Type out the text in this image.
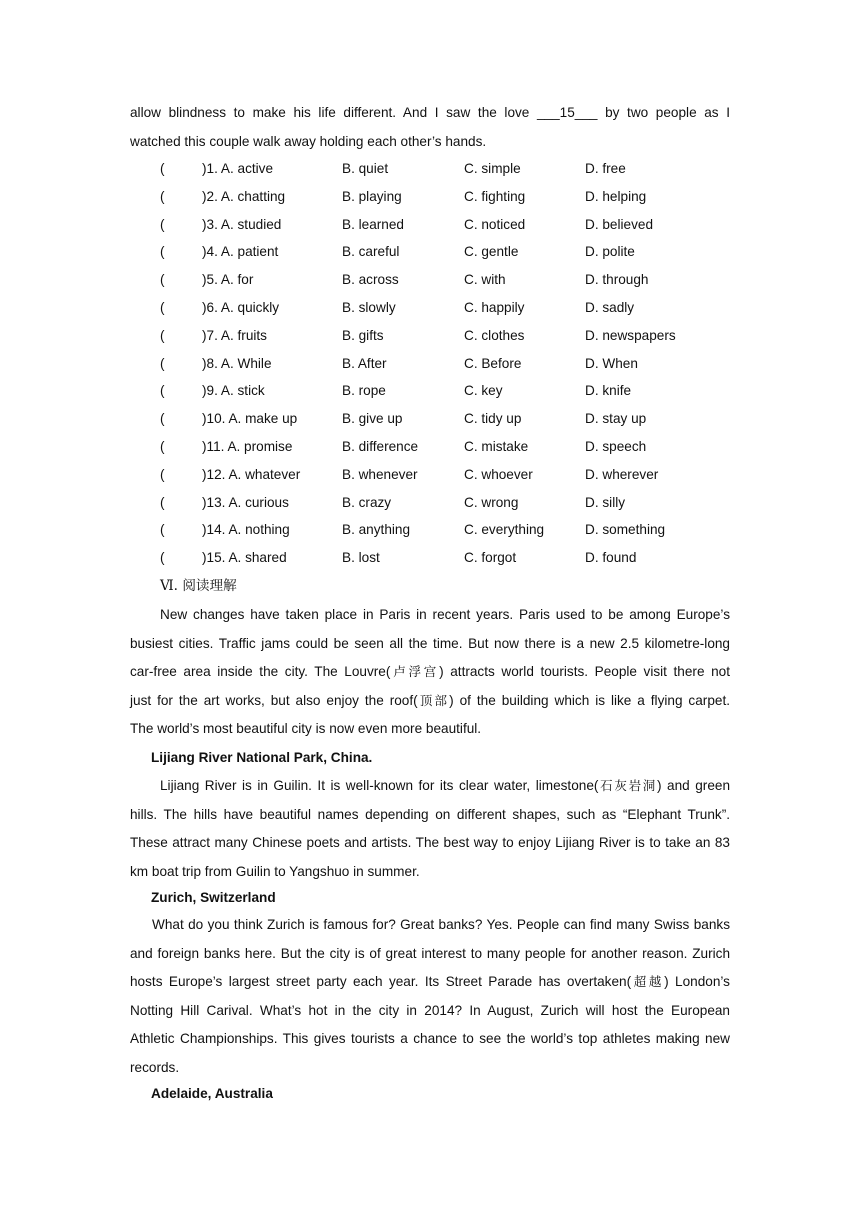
allow blindness to make his life different. And I saw the love ___15___ by two people as I
watched this couple walk away holding each other’s hands.
(	)1. A. active	B. quiet	C. simple	D. free
(	)2. A. chatting	B. playing	C. fighting	D. helping
(	)3. A. studied	B. learned	C. noticed	D. believed
(	)4. A. patient	B. careful	C. gentle	D. polite
(	)5. A. for	B. across	C. with	D. through
(	)6. A. quickly	B. slowly	C. happily	D. sadly
(	)7. A. fruits	B. gifts	C. clothes	D. newspapers
(	)8. A. While	B. After	C. Before	D. When
(	)9. A. stick	B. rope	C. key	D. knife
(	)10. A. make up	B. give up	C. tidy up	D. stay up
(	)11. A. promise	B. difference	C. mistake	D. speech
(	)12. A. whatever	B. whenever	C. whoever	D. wherever
(	)13. A. curious	B. crazy	C. wrong	D. silly
(	)14. A. nothing	B. anything	C. everything	D. something
(	)15. A. shared	B. lost	C. forgot	D. found
Ⅵ. 阅读理解
New changes have taken place in Paris in recent years. Paris used to be among Europe’s
busiest cities. Traffic jams could be seen all the time. But now there is a new 2.5 kilometre-long
car-free area inside the city. The Louvre(卢浮宫) attracts world tourists. People visit there not
just for the art works, but also enjoy the roof(顶部) of the building which is like a flying carpet.
The world’s most beautiful city is now even more beautiful.
Lijiang River National Park, China.
Lijiang River is in Guilin. It is well-known for its clear water, limestone(石灰岩洞) and green
hills. The hills have beautiful names depending on different shapes, such as “Elephant Trunk”.
These attract many Chinese poets and artists. The best way to enjoy Lijiang River is to take an 83
km boat trip from Guilin to Yangshuo in summer.
Zurich, Switzerland
What do you think Zurich is famous for? Great banks? Yes. People can find many Swiss banks
and foreign banks here. But the city is of great interest to many people for another reason. Zurich
hosts Europe’s largest street party each year. Its Street Parade has overtaken(超越) London’s
Notting Hill Carival. What’s hot in the city in 2014? In August, Zurich will host the European
Athletic Championships. This gives tourists a chance to see the world’s top athletes making new
records.
Adelaide, Australia
